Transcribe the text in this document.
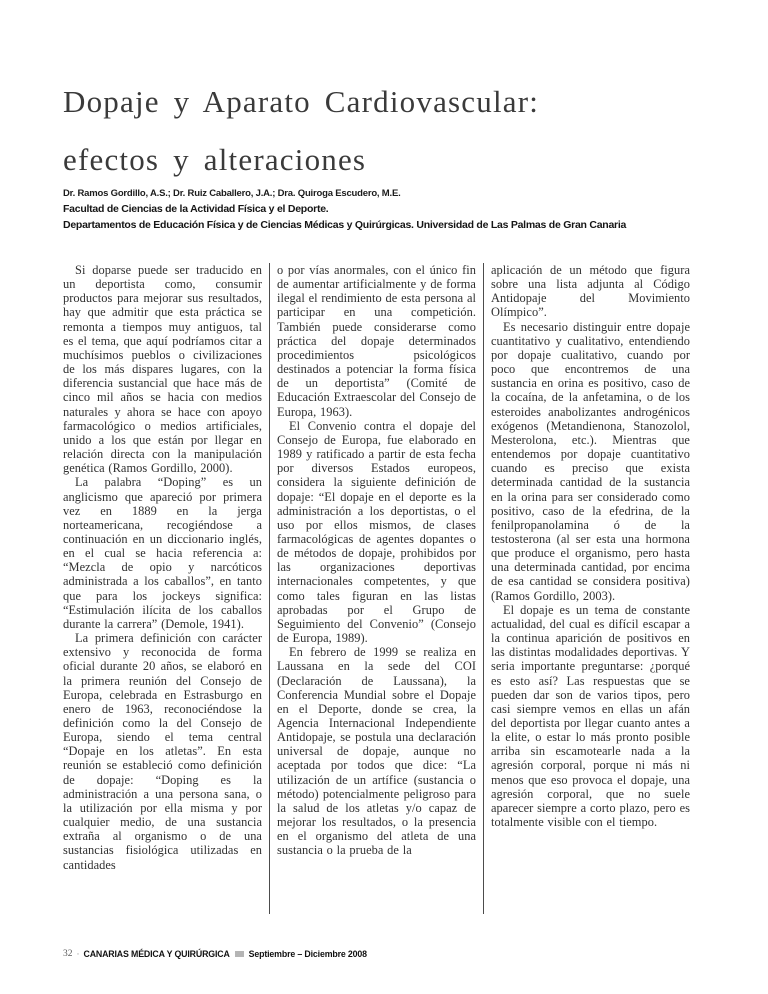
Dopaje y Aparato Cardiovascular:
efectos y alteraciones

Dr. Ramos Gordillo, A.S.; Dr. Ruiz Caballero, J.A.; Dra. Quiroga Escudero, M.E.

Facultad de Ciencias de la Actividad Física y el Deporte.

Departamentos de Educación Física y de Ciencias Médicas y Quirúrgicas. Universidad de Las Palmas de Gran Canaria

Si doparse puede ser traducido en un deportista como, consumir productos para mejorar sus resultados, hay que admitir que esta práctica se remonta a tiempos muy antiguos, tal es el tema, que aquí podríamos citar a muchísimos pueblos o civilizaciones de los más dispares lugares, con la diferencia sustancial que hace más de cinco mil años se hacia con medios naturales y ahora se hace con apoyo farmacológico o medios artificiales, unido a los que están por llegar en relación directa con la manipulación genética (Ramos Gordillo, 2000).

La palabra “Doping” es un anglicismo que apareció por primera vez en 1889 en la jerga norteamericana, recogiéndose a continuación en un diccionario inglés, en el cual se hacia referencia a: “Mezcla de opio y narcóticos administrada a los caballos”, en tanto que para los jockeys significa: “Estimulación ilícita de los caballos durante la carrera” (Demole, 1941).

La primera definición con carácter extensivo y reconocida de forma oficial durante 20 años, se elaboró en la primera reunión del Consejo de Europa, celebrada en Estrasburgo en enero de 1963, reconociéndose la definición como la del Consejo de Europa, siendo el tema central “Dopaje en los atletas”. En esta reunión se estableció como definición de dopaje: “Doping es la administración a una persona sana, o la utilización por ella misma y por cualquier medio, de una sustancia extraña al organismo o de una sustancias fisiológica utilizadas en cantidades

o por vías anormales, con el único fin de aumentar artificialmente y de forma ilegal el rendimiento de esta persona al participar en una competición. También puede considerarse como práctica del dopaje determinados procedimientos psicológicos destinados a potenciar la forma física de un deportista” (Comité de Educación Extraescolar del Consejo de Europa, 1963).

El Convenio contra el dopaje del Consejo de Europa, fue elaborado en 1989 y ratificado a partir de esta fecha por diversos Estados europeos, considera la siguiente definición de dopaje: “El dopaje en el deporte es la administración a los deportistas, o el uso por ellos mismos, de clases farmacológicas de agentes dopantes o de métodos de dopaje, prohibidos por las organizaciones deportivas internacionales competentes, y que como tales figuran en las listas aprobadas por el Grupo de Seguimiento del Convenio” (Consejo de Europa, 1989).

En febrero de 1999 se realiza en Laussana en la sede del COI (Declaración de Laussana), la Conferencia Mundial sobre el Dopaje en el Deporte, donde se crea, la Agencia Internacional Independiente Antidopaje, se postula una declaración universal de dopaje, aunque no aceptada por todos que dice: “La utilización de un artífice (sustancia o método) potencialmente peligroso para la salud de los atletas y/o capaz de mejorar los resultados, o la presencia en el organismo del atleta de una sustancia o la prueba de la

aplicación de un método que figura sobre una lista adjunta al Código Antidopaje del Movimiento Olímpico”.

Es necesario distinguir entre dopaje cuantitativo y cualitativo, entendiendo por dopaje cualitativo, cuando por poco que encontremos de una sustancia en orina es positivo, caso de la cocaína, de la anfetamina, o de los esteroides anabolizantes androgénicos exógenos (Metandienona, Stanozolol, Mesterolona, etc.). Mientras que entendemos por dopaje cuantitativo cuando es preciso que exista determinada cantidad de la sustancia en la orina para ser considerado como positivo, caso de la efedrina, de la fenilpropanolamina ó de la testosterona (al ser esta una hormona que produce el organismo, pero hasta una determinada cantidad, por encima de esa cantidad se considera positiva) (Ramos Gordillo, 2003).

El dopaje es un tema de constante actualidad, del cual es difícil escapar a la continua aparición de positivos en las distintas modalidades deportivas. Y seria importante preguntarse: ¿porqué es esto así? Las respuestas que se pueden dar son de varios tipos, pero casi siempre vemos en ellas un afán del deportista por llegar cuanto antes a la elite, o estar lo más pronto posible arriba sin escamotearle nada a la agresión corporal, porque ni más ni menos que eso provoca el dopaje, una agresión corporal, que no suele aparecer siempre a corto plazo, pero es totalmente visible con el tiempo.

32 · CANARIAS MÉDICA Y QUIRÚRGICA Septiembre – Diciembre 2008
